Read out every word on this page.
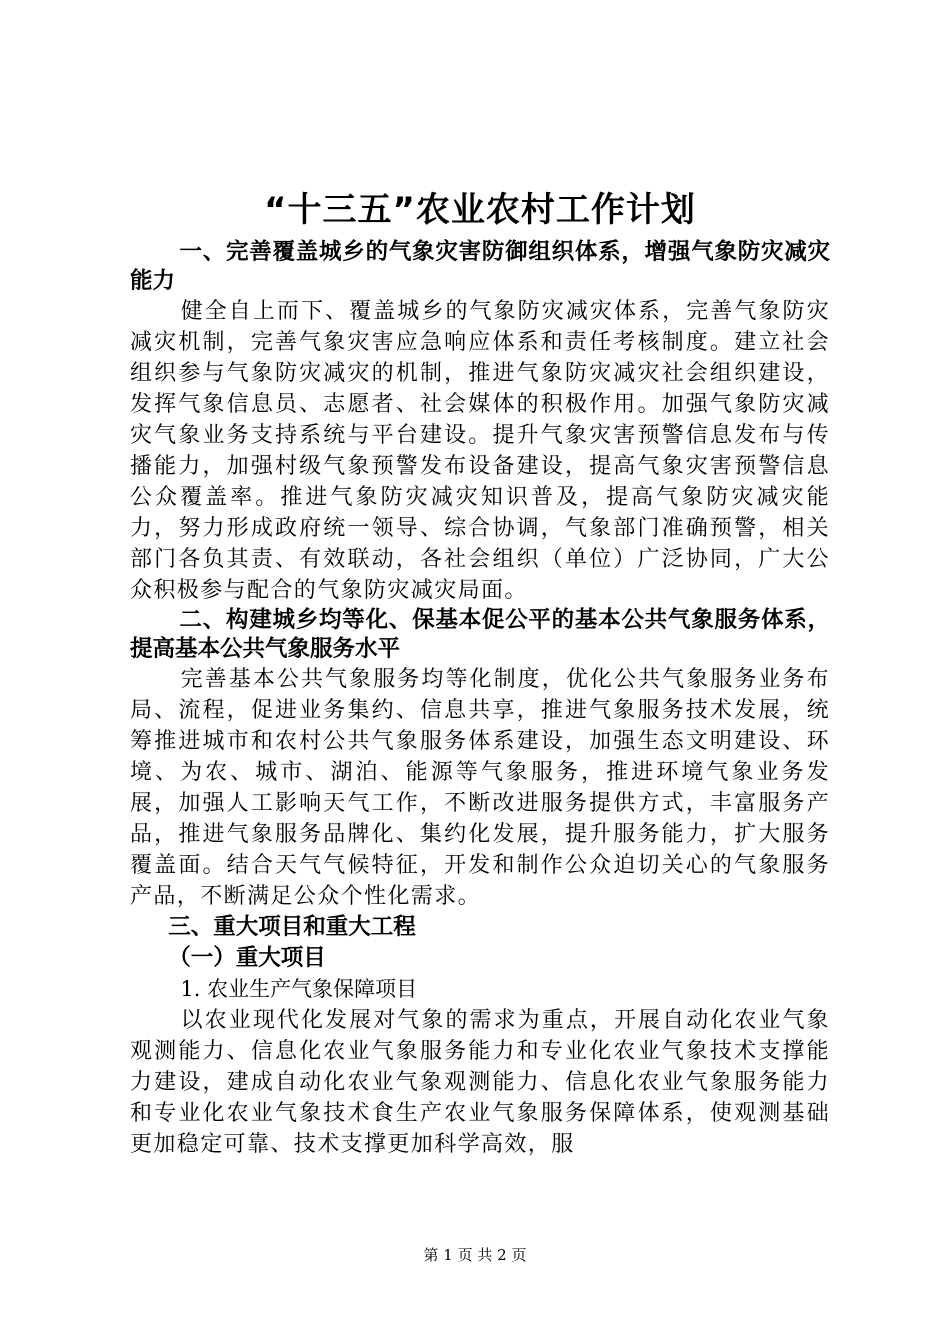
“十三五”农业农村工作计划

一、完善覆盖城乡的气象灾害防御组织体系，增强气象防灾减灾能力

健全自上而下、覆盖城乡的气象防灾减灾体系，完善气象防灾减灾机制，完善气象灾害应急响应体系和责任考核制度。建立社会组织参与气象防灾减灾的机制，推进气象防灾减灾社会组织建设，发挥气象信息员、志愿者、社会媒体的积极作用。加强气象防灾减灾气象业务支持系统与平台建设。提升气象灾害预警信息发布与传播能力，加强村级气象预警发布设备建设，提高气象灾害预警信息公众覆盖率。推进气象防灾减灾知识普及，提高气象防灾减灾能力，努力形成政府统一领导、综合协调，气象部门准确预警，相关部门各负其责、有效联动，各社会组织（单位）广泛协同，广大公众积极参与配合的气象防灾减灾局面。

二、构建城乡均等化、保基本促公平的基本公共气象服务体系，提高基本公共气象服务水平

完善基本公共气象服务均等化制度，优化公共气象服务业务布局、流程，促进业务集约、信息共享，推进气象服务技术发展，统筹推进城市和农村公共气象服务体系建设，加强生态文明建设、环境、为农、城市、湖泊、能源等气象服务，推进环境气象业务发展，加强人工影响天气工作，不断改进服务提供方式，丰富服务产品，推进气象服务品牌化、集约化发展，提升服务能力，扩大服务覆盖面。结合天气气候特征，开发和制作公众迫切关心的气象服务产品，不断满足公众个性化需求。

三、重大项目和重大工程

（一）重大项目

1. 农业生产气象保障项目

以农业现代化发展对气象的需求为重点，开展自动化农业气象观测能力、信息化农业气象服务能力和专业化农业气象技术支撑能力建设，建成自动化农业气象观测能力、信息化农业气象服务能力和专业化农业气象技术食生产农业气象服务保障体系，使观测基础更加稳定可靠、技术支撑更加科学高效，服

第 1 页 共 2 页
